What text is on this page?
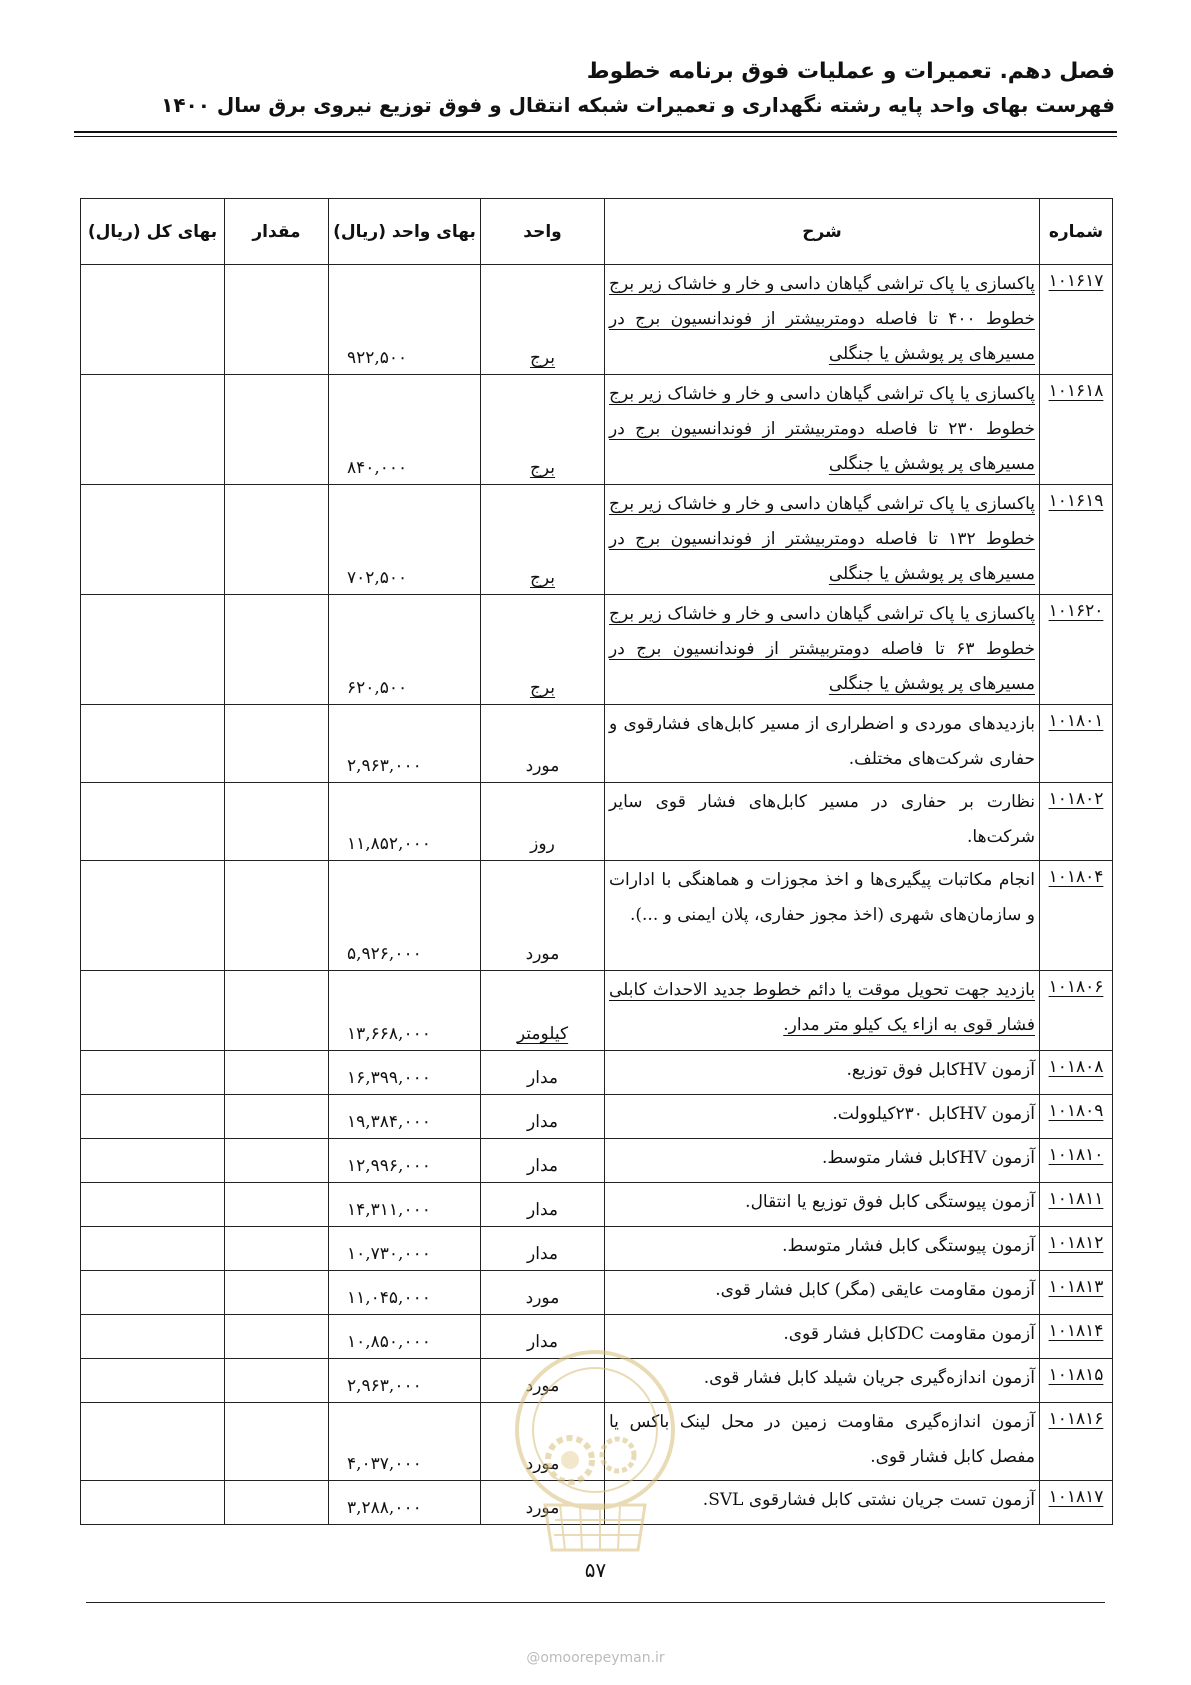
فصل دهم. تعمیرات و عملیات فوق برنامه خطوط
فهرست بهای واحد پایه رشته نگهداری و تعمیرات شبکه انتقال و فوق توزیع نیروی برق سال ۱۴۰۰
شماره	شرح	واحد	بهای واحد (ریال)	مقدار	بهای کل (ریال)
۱۰۱۶۱۷	پاکسازی یا پاک تراشی گیاهان داسی و خار و خاشاک زیر برج خطوط ۴۰۰ تا فاصله دومتربیشتر از فوندانسیون برج در مسیرهای پر پوشش یا جنگلی	برج	۹۲۲,۵۰۰		
۱۰۱۶۱۸	پاکسازی یا پاک تراشی گیاهان داسی و خار و خاشاک زیر برج خطوط ۲۳۰ تا فاصله دومتربیشتر از فوندانسیون برج در مسیرهای پر پوشش یا جنگلی	برج	۸۴۰,۰۰۰		
۱۰۱۶۱۹	پاکسازی یا پاک تراشی گیاهان داسی و خار و خاشاک زیر برج خطوط ۱۳۲ تا فاصله دومتربیشتر از فوندانسیون برج در مسیرهای پر پوشش یا جنگلی	برج	۷۰۲,۵۰۰		
۱۰۱۶۲۰	پاکسازی یا پاک تراشی گیاهان داسی و خار و خاشاک زیر برج خطوط ۶۳ تا فاصله دومتربیشتر از فوندانسیون برج در مسیرهای پر پوشش یا جنگلی	برج	۶۲۰,۵۰۰		
۱۰۱۸۰۱	بازدیدهای موردی و اضطراری از مسیر کابل‌های فشارقوی و حفاری شرکت‌های مختلف.	مورد	۲,۹۶۳,۰۰۰		
۱۰۱۸۰۲	نظارت بر حفاری در مسیر کابل‌های فشار قوی سایر شرکت‌ها.	روز	۱۱,۸۵۲,۰۰۰		
۱۰۱۸۰۴	انجام مکاتبات پیگیری‌ها و اخذ مجوزات و هماهنگی با ادارات و سازمان‌های شهری (اخذ مجوز حفاری، پلان ایمنی و ...).	مورد	۵,۹۲۶,۰۰۰		
۱۰۱۸۰۶	بازدید جهت تحویل موقت یا دائم خطوط جدید الاحداث کابلی فشار قوی به ازاء یک کیلو متر مدار.	کیلومتر	۱۳,۶۶۸,۰۰۰		
۱۰۱۸۰۸	آزمون HVکابل فوق توزیع.	مدار	۱۶,۳۹۹,۰۰۰		
۱۰۱۸۰۹	آزمون HVکابل ۲۳۰کیلوولت.	مدار	۱۹,۳۸۴,۰۰۰		
۱۰۱۸۱۰	آزمون HVکابل فشار متوسط.	مدار	۱۲,۹۹۶,۰۰۰		
۱۰۱۸۱۱	آزمون پیوستگی کابل فوق توزیع یا انتقال.	مدار	۱۴,۳۱۱,۰۰۰		
۱۰۱۸۱۲	آزمون پیوستگی کابل فشار متوسط.	مدار	۱۰,۷۳۰,۰۰۰		
۱۰۱۸۱۳	آزمون مقاومت عایقی (مگر) کابل فشار قوی.	مورد	۱۱,۰۴۵,۰۰۰		
۱۰۱۸۱۴	آزمون مقاومت DCکابل فشار قوی.	مدار	۱۰,۸۵۰,۰۰۰		
۱۰۱۸۱۵	آزمون اندازه‌گیری جریان شیلد کابل فشار قوی.	مورد	۲,۹۶۳,۰۰۰		
۱۰۱۸۱۶	آزمون اندازه‌گیری مقاومت زمین در محل لینک باکس یا مفصل کابل فشار قوی.	مورد	۴,۰۳۷,۰۰۰		
۱۰۱۸۱۷	آزمون تست جریان نشتی کابل فشارقوی SVL.	مورد	۳,۲۸۸,۰۰۰		
۵۷
@omoorepeyman.ir
